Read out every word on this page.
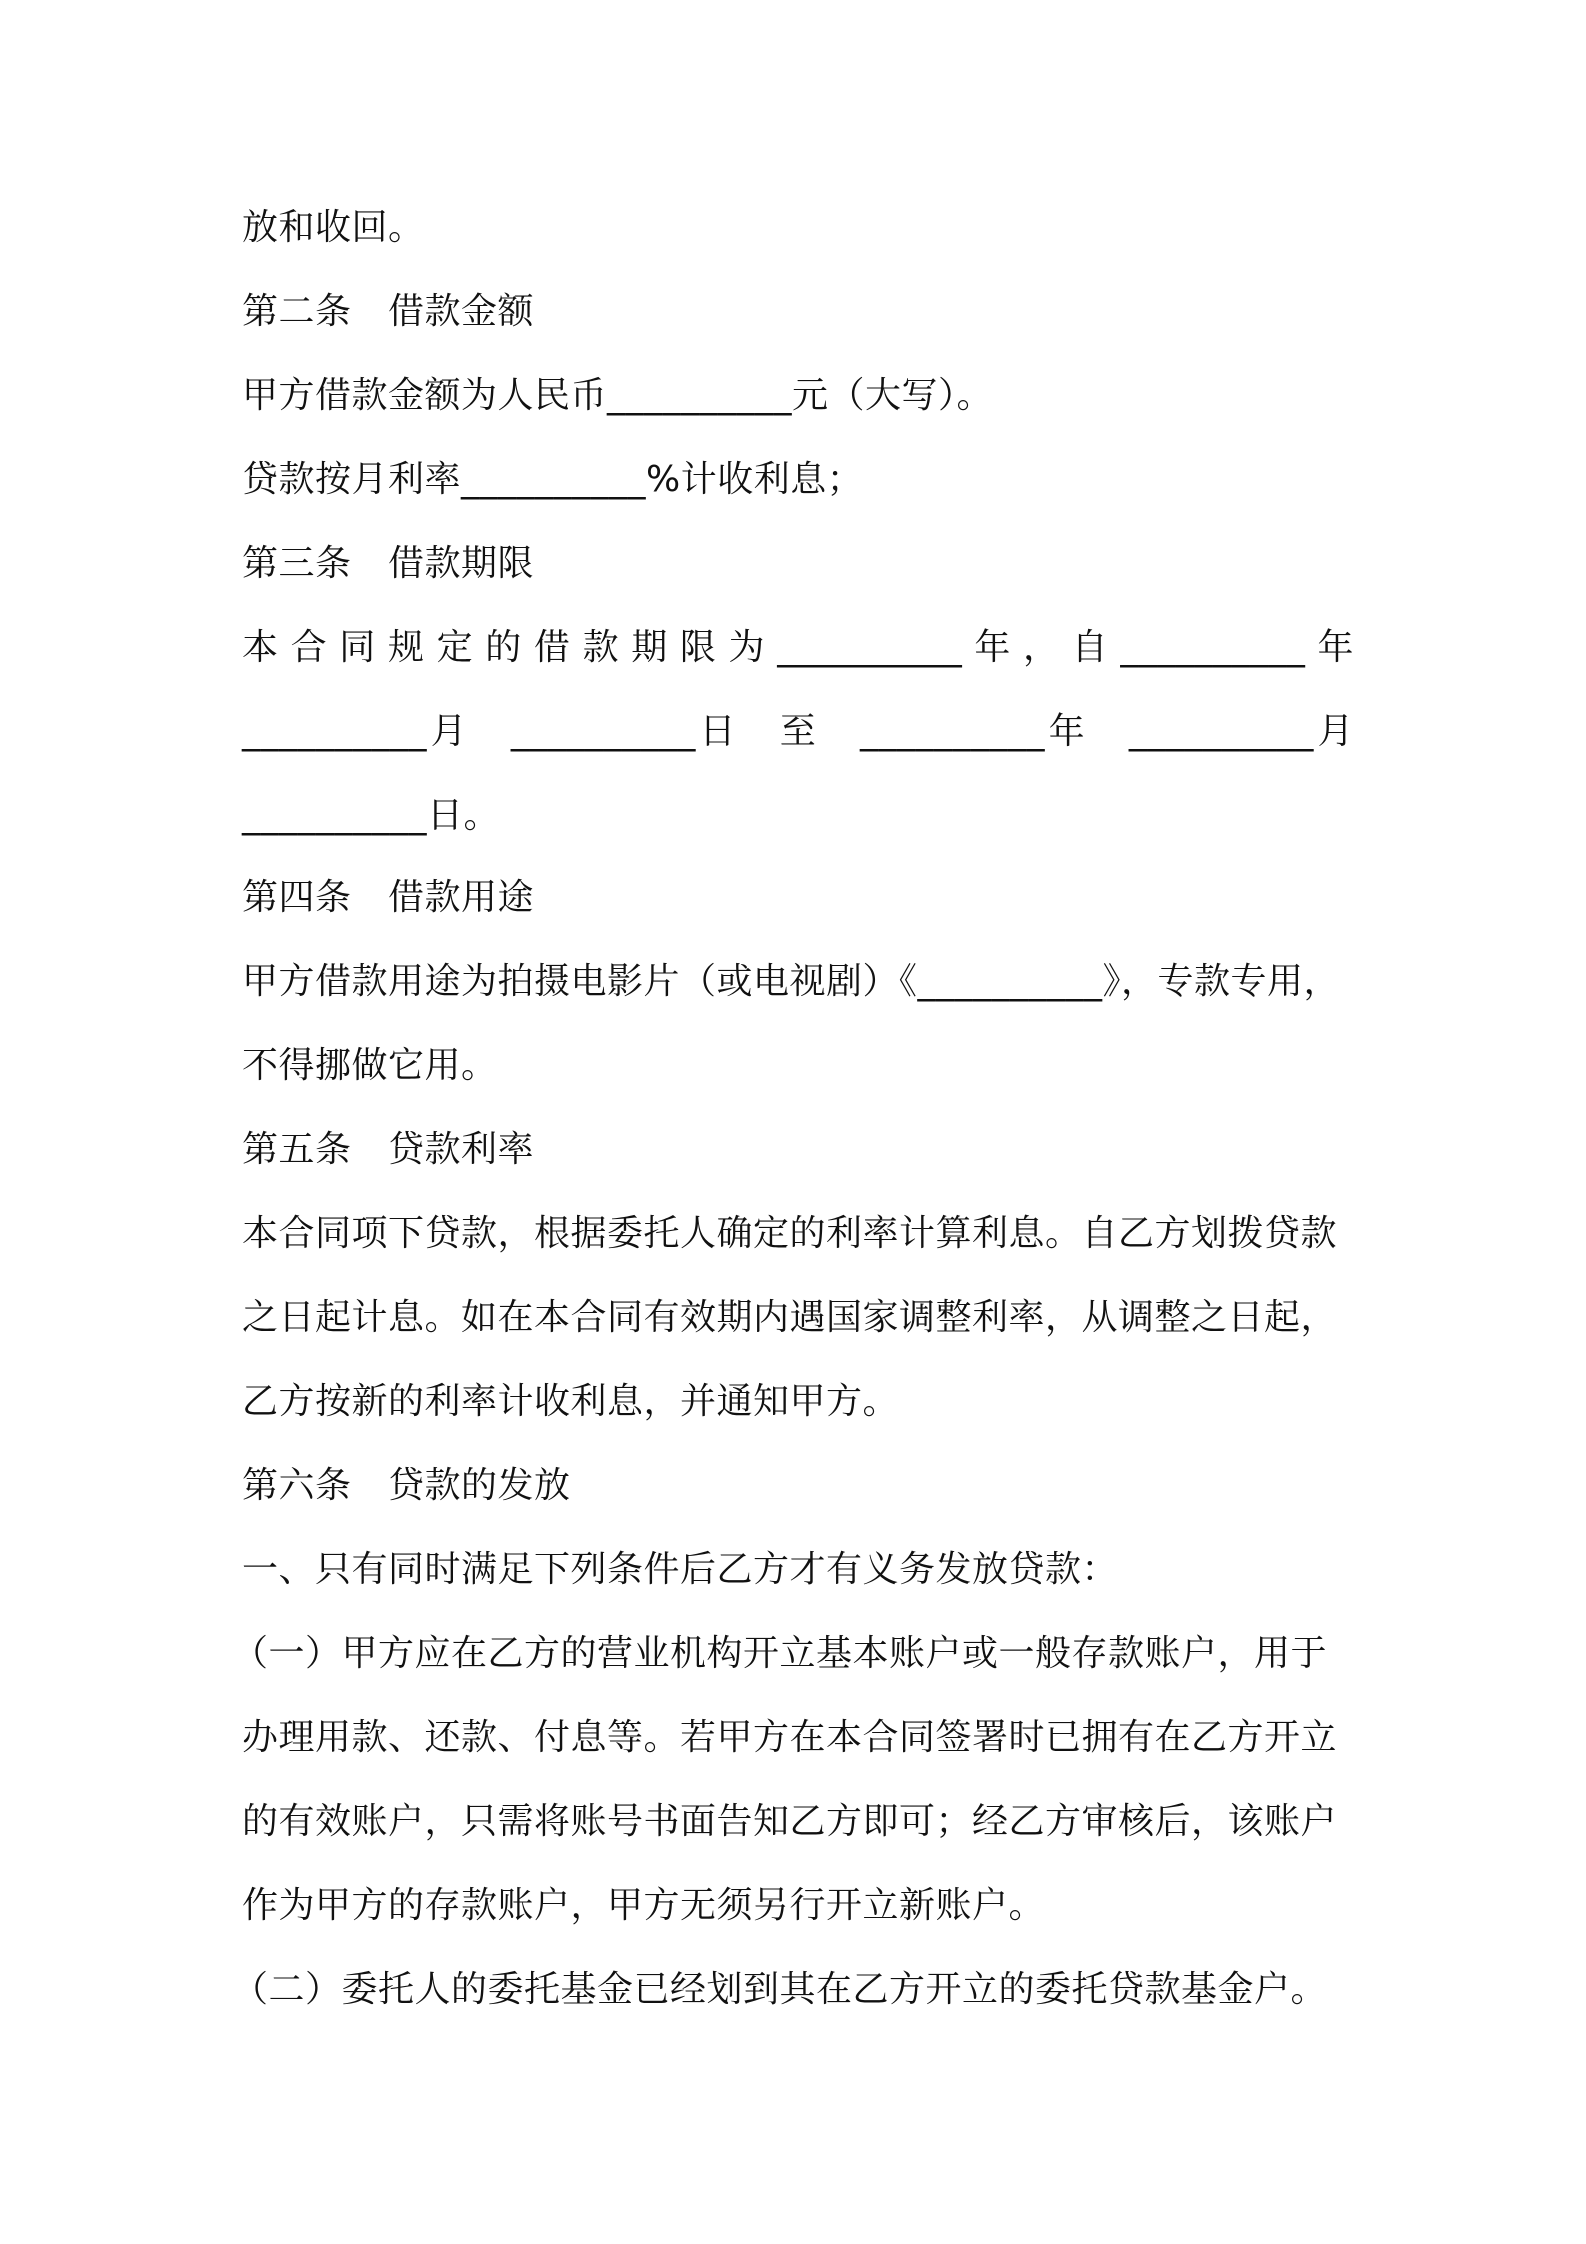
放和收回。
第二条　借款金额
甲方借款金额为人民币__________元（大写）。
贷款按月利率__________%计收利息；
第三条　借款期限
本合同规定的借款期限为__________年，自__________年
__________月　__________日　至　__________年　__________月
__________日。
第四条　借款用途
甲方借款用途为拍摄电影片（或电视剧）《__________》，专款专用，
不得挪做它用。
第五条　贷款利率
本合同项下贷款，根据委托人确定的利率计算利息。自乙方划拨贷款
之日起计息。如在本合同有效期内遇国家调整利率，从调整之日起，
乙方按新的利率计收利息，并通知甲方。
第六条　贷款的发放
一、只有同时满足下列条件后乙方才有义务发放贷款：
（一）甲方应在乙方的营业机构开立基本账户或一般存款账户，用于
办理用款、还款、付息等。若甲方在本合同签署时已拥有在乙方开立
的有效账户，只需将账号书面告知乙方即可；经乙方审核后，该账户
作为甲方的存款账户，甲方无须另行开立新账户。
（二）委托人的委托基金已经划到其在乙方开立的委托贷款基金户。
